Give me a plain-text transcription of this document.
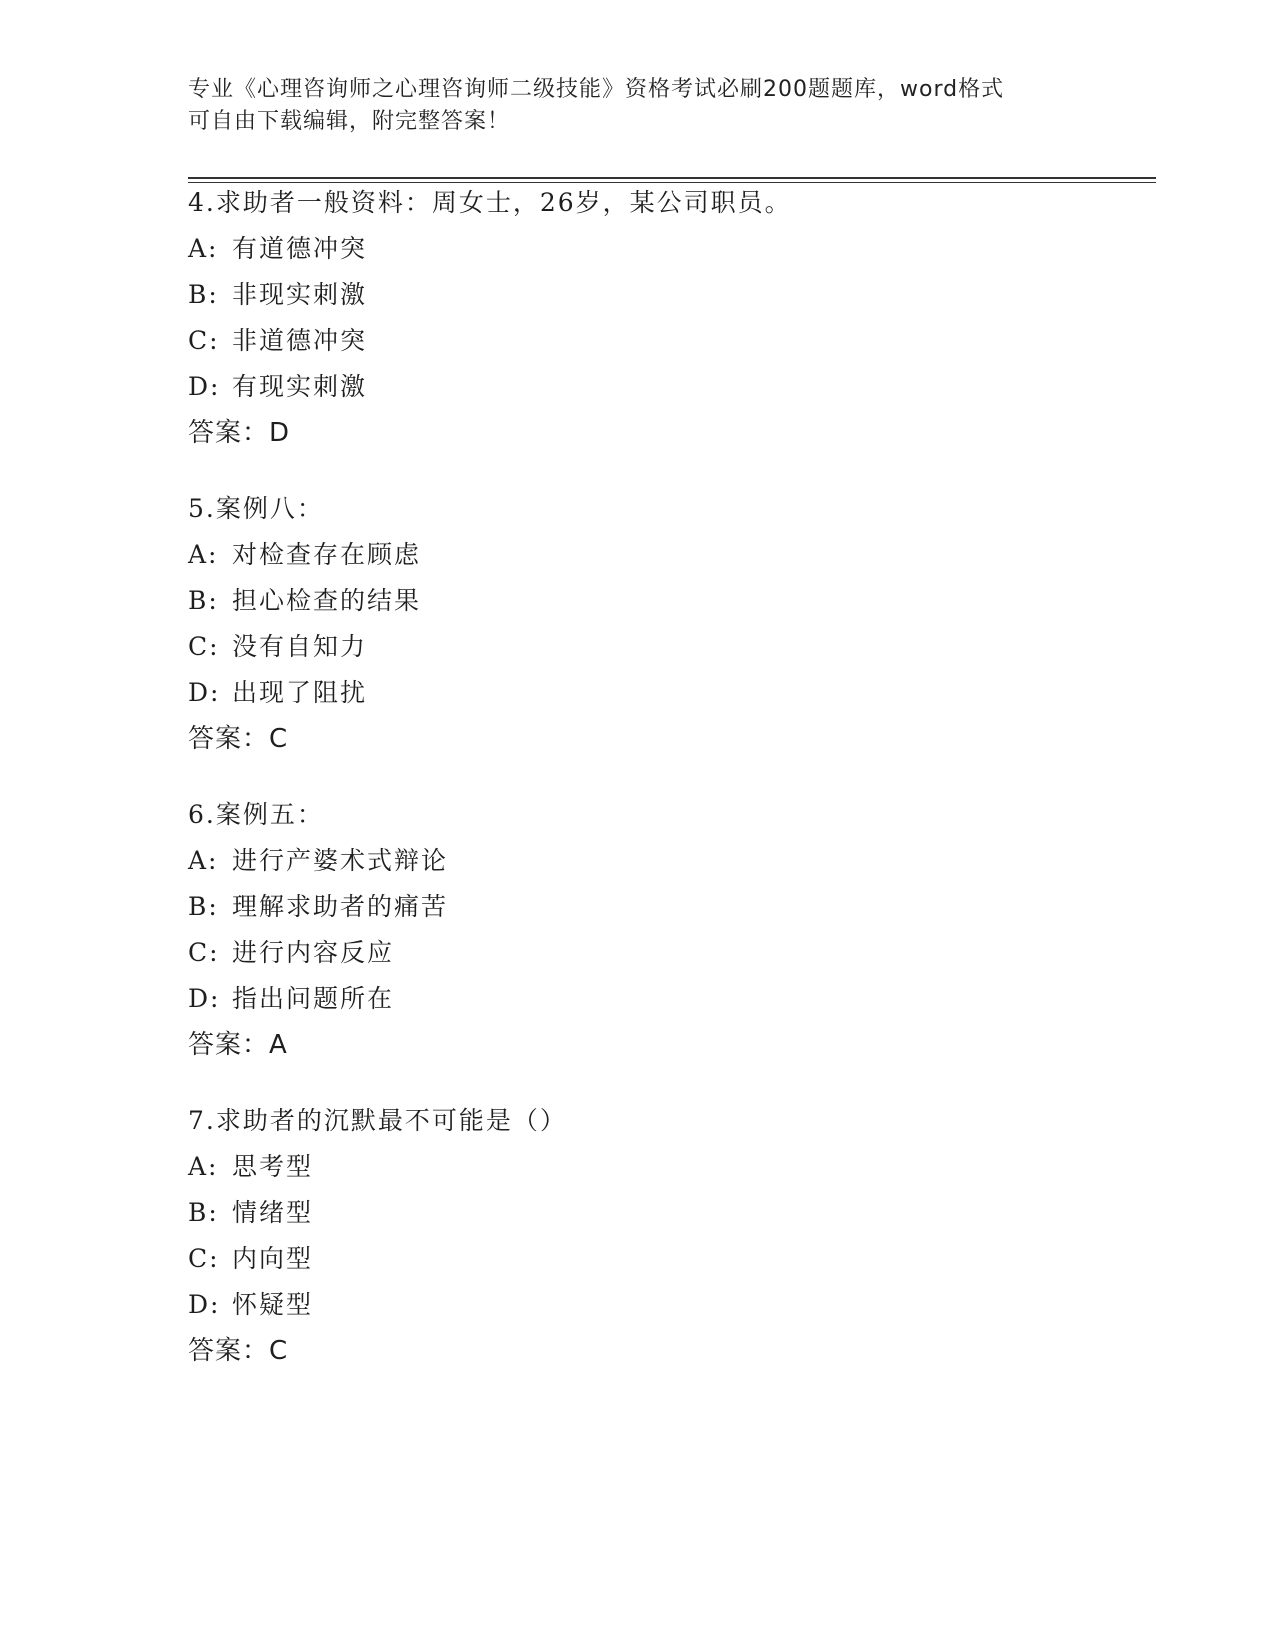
专业《心理咨询师之心理咨询师二级技能》资格考试必刷200题题库，word格式
可自由下载编辑，附完整答案！
4.求助者一般资料：周女士，26岁，某公司职员。
A: 有道德冲突
B: 非现实刺激
C: 非道德冲突
D: 有现实刺激
答案：D
5.案例八：
A: 对检查存在顾虑
B: 担心检查的结果
C: 没有自知力
D: 出现了阻扰
答案：C
6.案例五：
A: 进行产婆术式辩论
B: 理解求助者的痛苦
C: 进行内容反应
D: 指出问题所在
答案：A
7.求助者的沉默最不可能是（）
A: 思考型
B: 情绪型
C: 内向型
D: 怀疑型
答案：C
